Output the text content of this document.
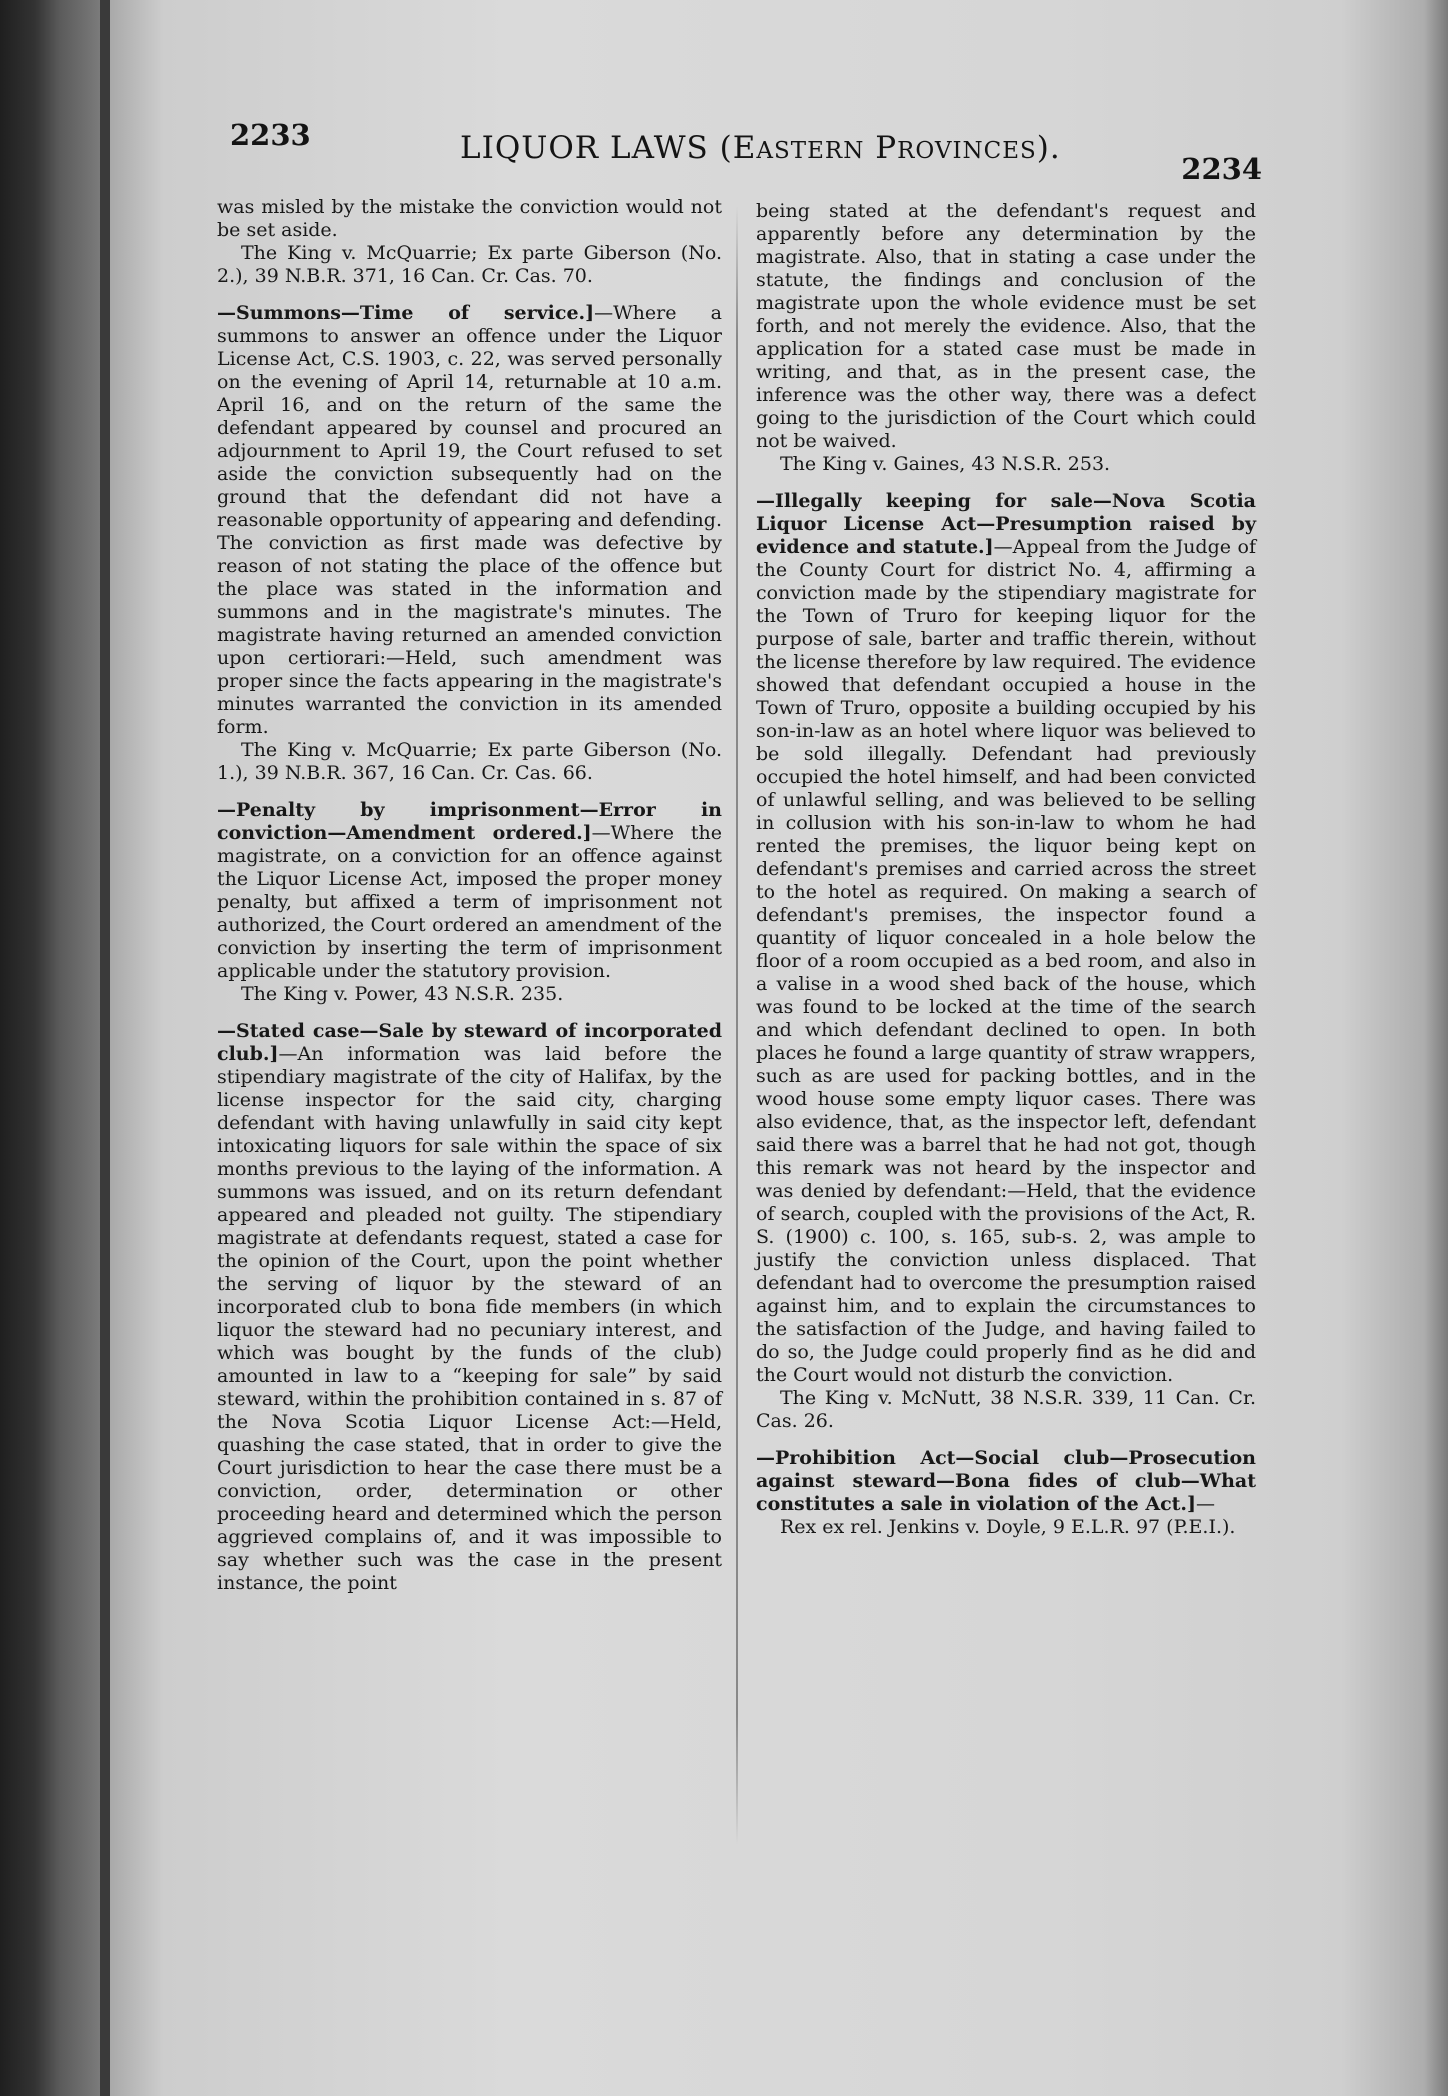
2233	LIQUOR LAWS (EASTERN PROVINCES).
2234

was misled by the mistake the conviction would not be set aside.

The King v. McQuarrie; Ex parte Giberson (No. 2.), 39 N.B.R. 371, 16 Can. Cr. Cas. 70.

—Summons—Time of service.]—Where a summons to answer an offence under the Liquor License Act, C.S. 1903, c. 22, was served personally on the evening of April 14, returnable at 10 a.m. April 16, and on the return of the same the defendant appeared by counsel and procured an adjournment to April 19, the Court refused to set aside the conviction subsequently had on the ground that the defendant did not have a reasonable opportunity of appearing and defending. The conviction as first made was defective by reason of not stating the place of the offence but the place was stated in the information and summons and in the magistrate's minutes. The magistrate having returned an amended conviction upon certiorari:—Held, such amendment was proper since the facts appearing in the magistrate's minutes warranted the conviction in its amended form.

The King v. McQuarrie; Ex parte Giberson (No. 1.), 39 N.B.R. 367, 16 Can. Cr. Cas. 66.

—Penalty by imprisonment—Error in conviction—Amendment ordered.]—Where the magistrate, on a conviction for an offence against the Liquor License Act, imposed the proper money penalty, but affixed a term of imprisonment not authorized, the Court ordered an amendment of the conviction by inserting the term of imprisonment applicable under the statutory provision.

The King v. Power, 43 N.S.R. 235.

—Stated case—Sale by steward of incorporated club.]—An information was laid before the stipendiary magistrate of the city of Halifax, by the license inspector for the said city, charging defendant with having unlawfully in said city kept intoxicating liquors for sale within the space of six months previous to the laying of the information. A summons was issued, and on its return defendant appeared and pleaded not guilty. The stipendiary magistrate at defendants request, stated a case for the opinion of the Court, upon the point whether the serving of liquor by the steward of an incorporated club to bona fide members (in which liquor the steward had no pecuniary interest, and which was bought by the funds of the club) amounted in law to a “keeping for sale” by said steward, within the prohibition contained in s. 87 of the Nova Scotia Liquor License Act:—Held, quashing the case stated, that in order to give the Court jurisdiction to hear the case there must be a conviction, order, determination or other proceeding heard and determined which the person aggrieved complains of, and it was impossible to say whether such was the case in the present instance, the point

being stated at the defendant's request and apparently before any determination by the magistrate. Also, that in stating a case under the statute, the findings and conclusion of the magistrate upon the whole evidence must be set forth, and not merely the evidence. Also, that the application for a stated case must be made in writing, and that, as in the present case, the inference was the other way, there was a defect going to the jurisdiction of the Court which could not be waived.

The King v. Gaines, 43 N.S.R. 253.

—Illegally keeping for sale—Nova Scotia Liquor License Act—Presumption raised by evidence and statute.]—Appeal from the Judge of the County Court for district No. 4, affirming a conviction made by the stipendiary magistrate for the Town of Truro for keeping liquor for the purpose of sale, barter and traffic therein, without the license therefore by law required. The evidence showed that defendant occupied a house in the Town of Truro, opposite a building occupied by his son-in-law as an hotel where liquor was believed to be sold illegally. Defendant had previously occupied the hotel himself, and had been convicted of unlawful selling, and was believed to be selling in collusion with his son-in-law to whom he had rented the premises, the liquor being kept on defendant's premises and carried across the street to the hotel as required. On making a search of defendant's premises, the inspector found a quantity of liquor concealed in a hole below the floor of a room occupied as a bed room, and also in a valise in a wood shed back of the house, which was found to be locked at the time of the search and which defendant declined to open. In both places he found a large quantity of straw wrappers, such as are used for packing bottles, and in the wood house some empty liquor cases. There was also evidence, that, as the inspector left, defendant said there was a barrel that he had not got, though this remark was not heard by the inspector and was denied by defendant:—Held, that the evidence of search, coupled with the provisions of the Act, R. S. (1900) c. 100, s. 165, sub-s. 2, was ample to justify the conviction unless displaced. That defendant had to overcome the presumption raised against him, and to explain the circumstances to the satisfaction of the Judge, and having failed to do so, the Judge could properly find as he did and the Court would not disturb the conviction.

The King v. McNutt, 38 N.S.R. 339, 11 Can. Cr. Cas. 26.

—Prohibition Act—Social club—Prosecution against steward—Bona fides of club—What constitutes a sale in violation of the Act.]—

Rex ex rel. Jenkins v. Doyle, 9 E.L.R. 97 (P.E.I.).
